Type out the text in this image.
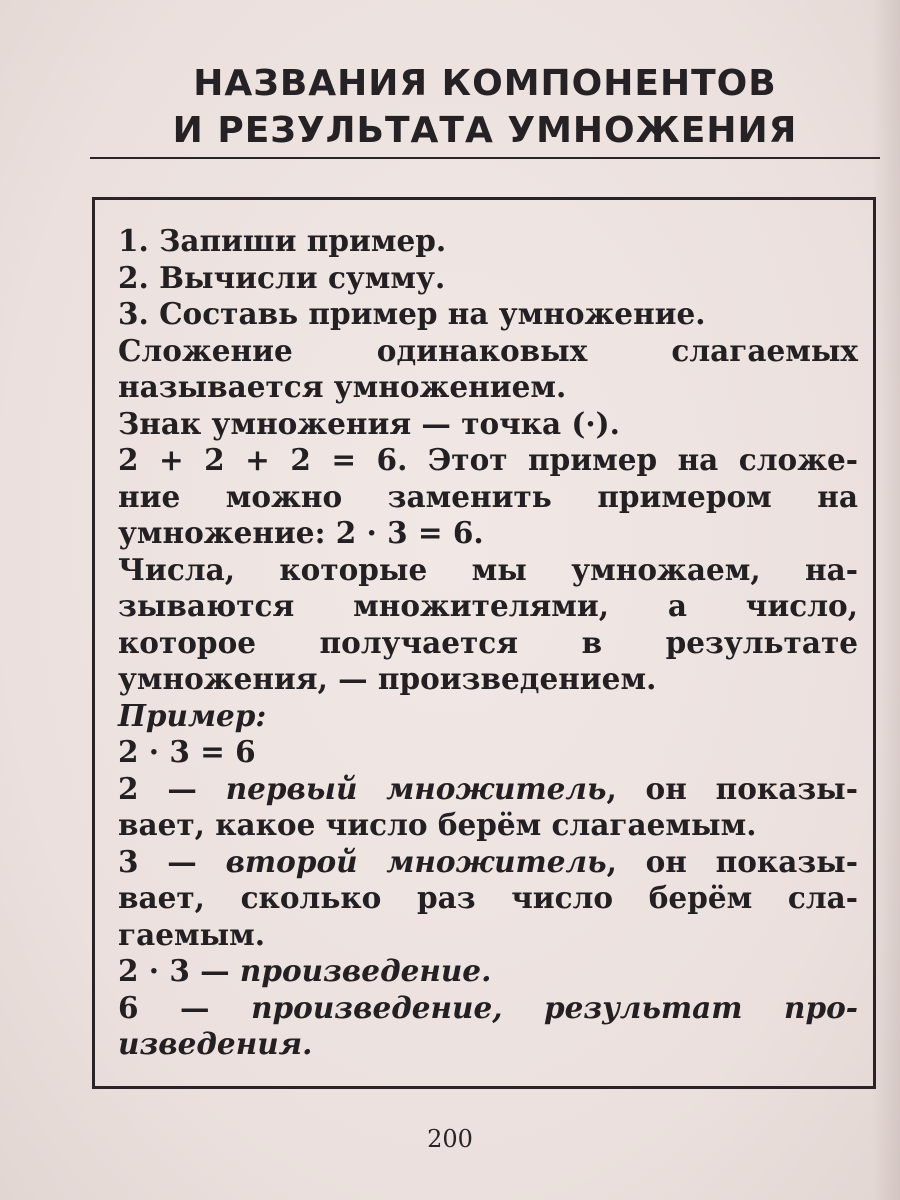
НАЗВАНИЯ КОМПОНЕНТОВ
И РЕЗУЛЬТАТА УМНОЖЕНИЯ
1. Запиши пример.
2. Вычисли сумму.
3. Составь пример на умножение.
Сложение одинаковых слагаемых
называется умножением.
Знак умножения — точка (·).
2 + 2 + 2 = 6. Этот пример на сложе-
ние можно заменить примером на
умножение: 2 · 3 = 6.
Числа, которые мы умножаем, на-
зываются множителями, а число,
которое получается в результате
умножения, — произведением.
Пример:
2 · 3 = 6
2 — первый множитель, он показы-
вает, какое число берём слагаемым.
3 — второй множитель, он показы-
вает, сколько раз число берём сла-
гаемым.
2 · 3 — произведение.
6 — произведение, результат про-
изведения.
200
